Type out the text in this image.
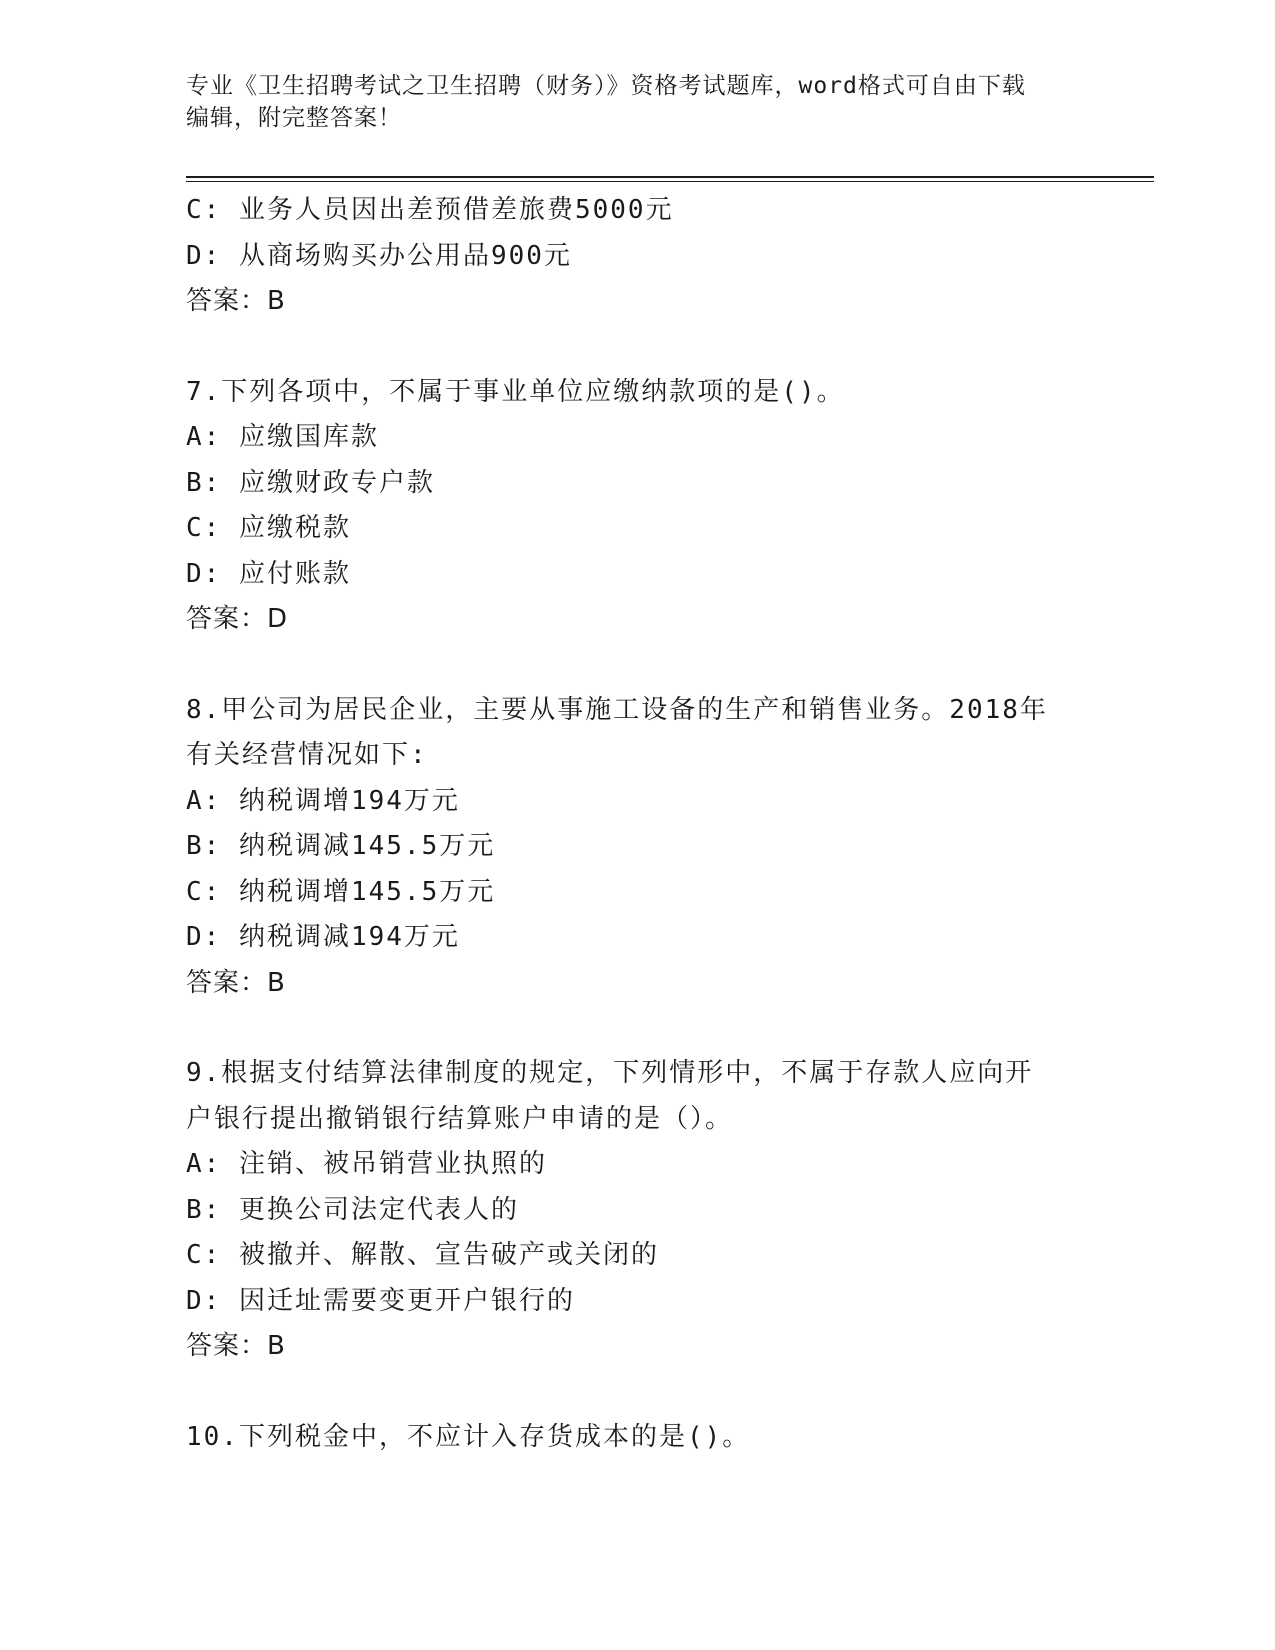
专业《卫生招聘考试之卫生招聘（财务）》资格考试题库，word格式可自由下载
编辑，附完整答案！
C: 业务人员因出差预借差旅费5000元
D: 从商场购买办公用品900元
答案：B
7.下列各项中，不属于事业单位应缴纳款项的是()。
A: 应缴国库款
B: 应缴财政专户款
C: 应缴税款
D: 应付账款
答案：D
8.甲公司为居民企业，主要从事施工设备的生产和销售业务。2018年
有关经营情况如下:
A: 纳税调增194万元
B: 纳税调减145.5万元
C: 纳税调增145.5万元
D: 纳税调减194万元
答案：B
9.根据支付结算法律制度的规定，下列情形中，不属于存款人应向开
户银行提出撤销银行结算账户申请的是（）。
A: 注销、被吊销营业执照的
B: 更换公司法定代表人的
C: 被撤并、解散、宣告破产或关闭的
D: 因迁址需要变更开户银行的
答案：B
10.下列税金中，不应计入存货成本的是()。
